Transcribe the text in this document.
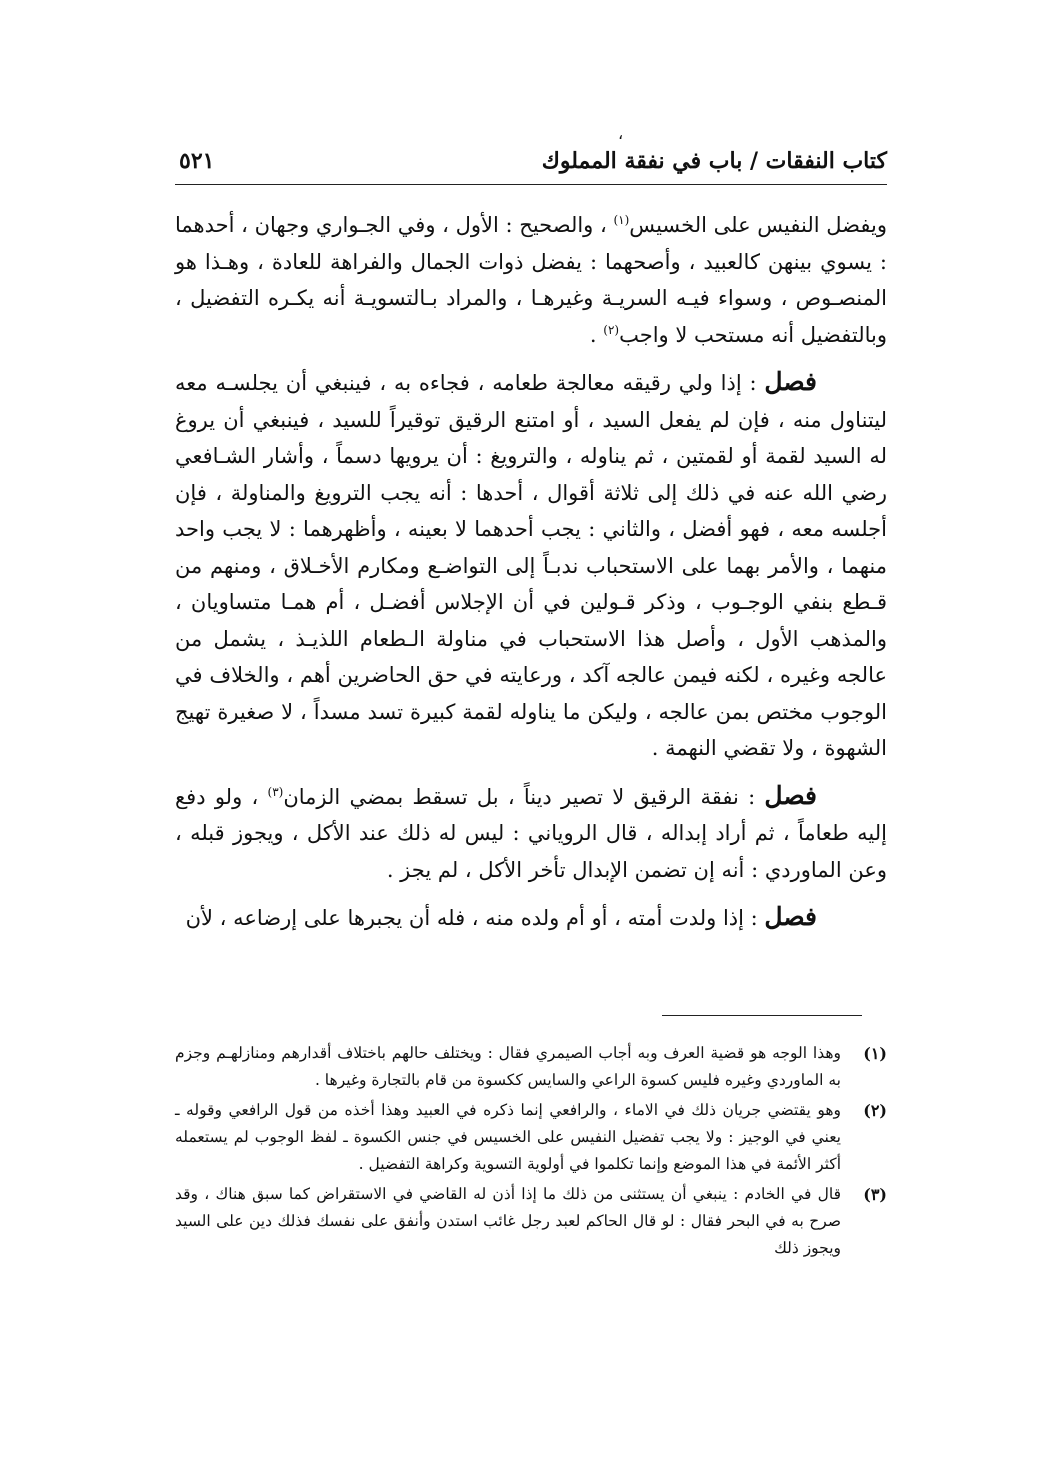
،
كتاب النفقات / باب في نفقة المملوك
٥٢١

ويفضل النفيس على الخسيس$^{(١)}$ ، والصحيح : الأول ، وفي الجـواري وجهان ، أحدهما : يسوي بينهن كالعبيد ، وأصحهما : يفضل ذوات الجمال والفراهة للعادة ، وهـذا هو المنصـوص ، وسواء فيـه السريـة وغيرهـا ، والمراد بـالتسويـة أنه يكـره التفضيل ، وبالتفضيل أنه مستحب لا واجب$^{(٢)}$ .

فصل : إذا ولي رقيقه معالجة طعامه ، فجاءه به ، فينبغي أن يجلسـه معه ليتناول منه ، فإن لم يفعل السيد ، أو امتنع الرقيق توقيراً للسيد ، فينبغي أن يروغ له السيد لقمة أو لقمتين ، ثم يناوله ، والترويغ : أن يرويها دسماً ، وأشار الشـافعي رضي الله عنه في ذلك إلى ثلاثة أقوال ، أحدها : أنه يجب الترويغ والمناولة ، فإن أجلسه معه ، فهو أفضل ، والثاني : يجب أحدهما لا بعينه ، وأظهرهما : لا يجب واحد منهما ، والأمر بهما على الاستحباب ندبـاً إلى التواضـع ومكارم الأخـلاق ، ومنهم من قـطع بنفي الوجـوب ، وذكر قـولين في أن الإجلاس أفضـل ، أم همـا متساويان ، والمذهب الأول ، وأصل هذا الاستحباب في مناولة الـطعام اللذيـذ ، يشمل من عالجه وغيره ، لكنه فيمن عالجه آكد ، ورعايته في حق الحاضرين أهم ، والخلاف في الوجوب مختص بمن عالجه ، وليكن ما يناوله لقمة كبيرة تسد مسداً ، لا صغيرة تهيج الشهوة ، ولا تقضي النهمة .

فصل : نفقة الرقيق لا تصير ديناً ، بل تسقط بمضي الزمان$^{(٣)}$ ، ولو دفع إليه طعاماً ، ثم أراد إبداله ، قال الروياني : ليس له ذلك عند الأكل ، ويجوز قبله ، وعن الماوردي : أنه إن تضمن الإبدال تأخر الأكل ، لم يجز .

فصل : إذا ولدت أمته ، أو أم ولده منه ، فله أن يجبرها على إرضاعه ، لأن

(١)
وهذا الوجه هو قضية العرف وبه أجاب الصيمري فقال : ويختلف حالهم باختلاف أقدارهم ومنازلهـم وجزم به الماوردي وغيره فليس كسوة الراعي والسايس ككسوة من قام بالتجارة وغيرها .
(٢)
وهو يقتضي جريان ذلك في الاماء ، والرافعي إنما ذكره في العبيد وهذا أخذه من قول الرافعي وقوله ـ يعني في الوجيز : ولا يجب تفضيل النفيس على الخسيس في جنس الكسوة ـ لفظ الوجوب لم يستعمله أكثر الأئمة في هذا الموضع وإنما تكلموا في أولوية التسوية وكراهة التفضيل .
(٣)
قال في الخادم : ينبغي أن يستثنى من ذلك ما إذا أذن له القاضي في الاستقراض كما سبق هناك ، وقد صرح به في البحر فقال : لو قال الحاكم لعبد رجل غائب استدن وأنفق على نفسك فذلك دين على السيد ويجوز ذلك
